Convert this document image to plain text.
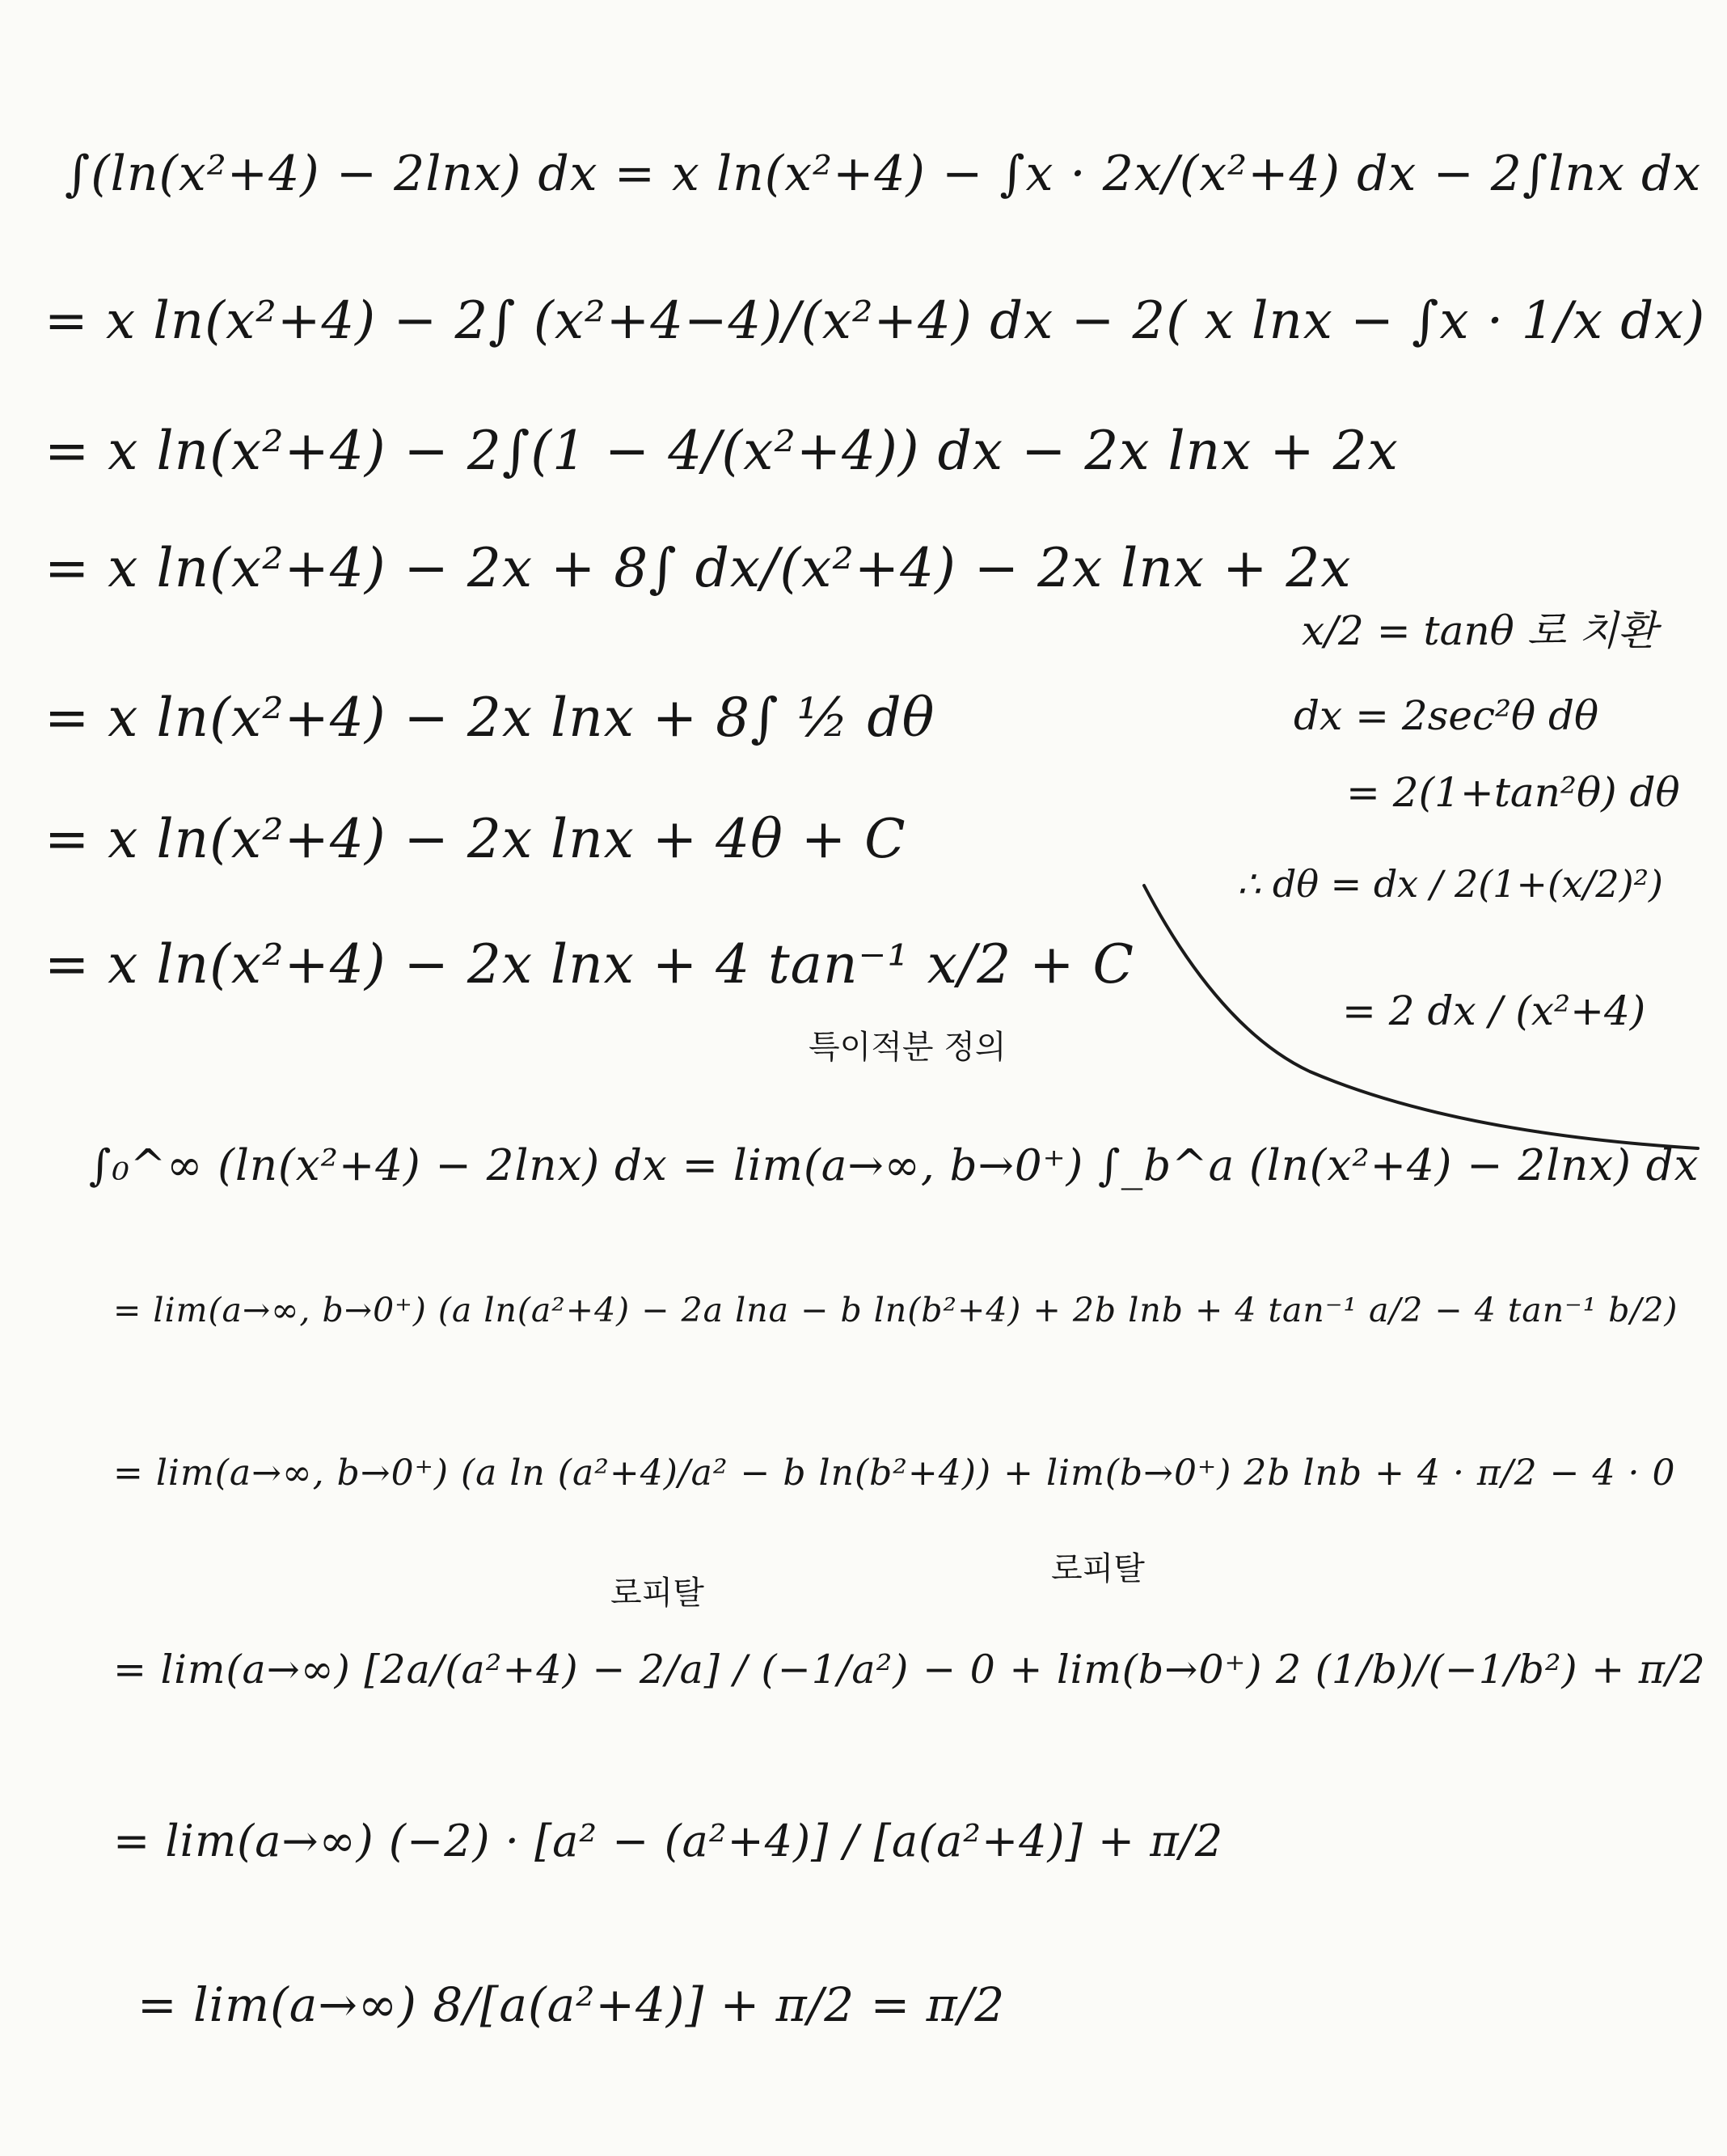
∫(ln(x²+4) − 2lnx) dx = x ln(x²+4) − ∫x · 2x/(x²+4) dx − 2∫lnx dx
= x ln(x²+4) − 2∫ (x²+4−4)/(x²+4) dx − 2( x lnx − ∫x · 1/x dx)
= x ln(x²+4) − 2∫(1 − 4/(x²+4)) dx − 2x lnx + 2x
= x ln(x²+4) − 2x + 8∫ dx/(x²+4) − 2x lnx + 2x
= x ln(x²+4) − 2x lnx + 8∫ ½ dθ
= x ln(x²+4) − 2x lnx + 4θ + C
= x ln(x²+4) − 2x lnx + 4 tan⁻¹ x/2 + C
특이적분 정의
∫₀^∞ (ln(x²+4) − 2lnx) dx = lim(a→∞, b→0⁺) ∫_b^a (ln(x²+4) − 2lnx) dx
= lim(a→∞, b→0⁺) (a ln(a²+4) − 2a lna − b ln(b²+4) + 2b lnb + 4 tan⁻¹ a/2 − 4 tan⁻¹ b/2)
= lim(a→∞, b→0⁺) (a ln (a²+4)/a² − b ln(b²+4)) + lim(b→0⁺) 2b lnb + 4 · π/2 − 4 · 0
로피탈
로피탈
= lim(a→∞) [2a/(a²+4) − 2/a] / (−1/a²) − 0 + lim(b→0⁺) 2 (1/b)/(−1/b²) + π/2
= lim(a→∞) (−2) · [a² − (a²+4)] / [a(a²+4)] + π/2
= lim(a→∞) 8/[a(a²+4)] + π/2 = π/2
x/2 = tanθ 로 치환
dx = 2sec²θ dθ
= 2(1+tan²θ) dθ
∴ dθ = dx / 2(1+(x/2)²)
= 2 dx / (x²+4)
